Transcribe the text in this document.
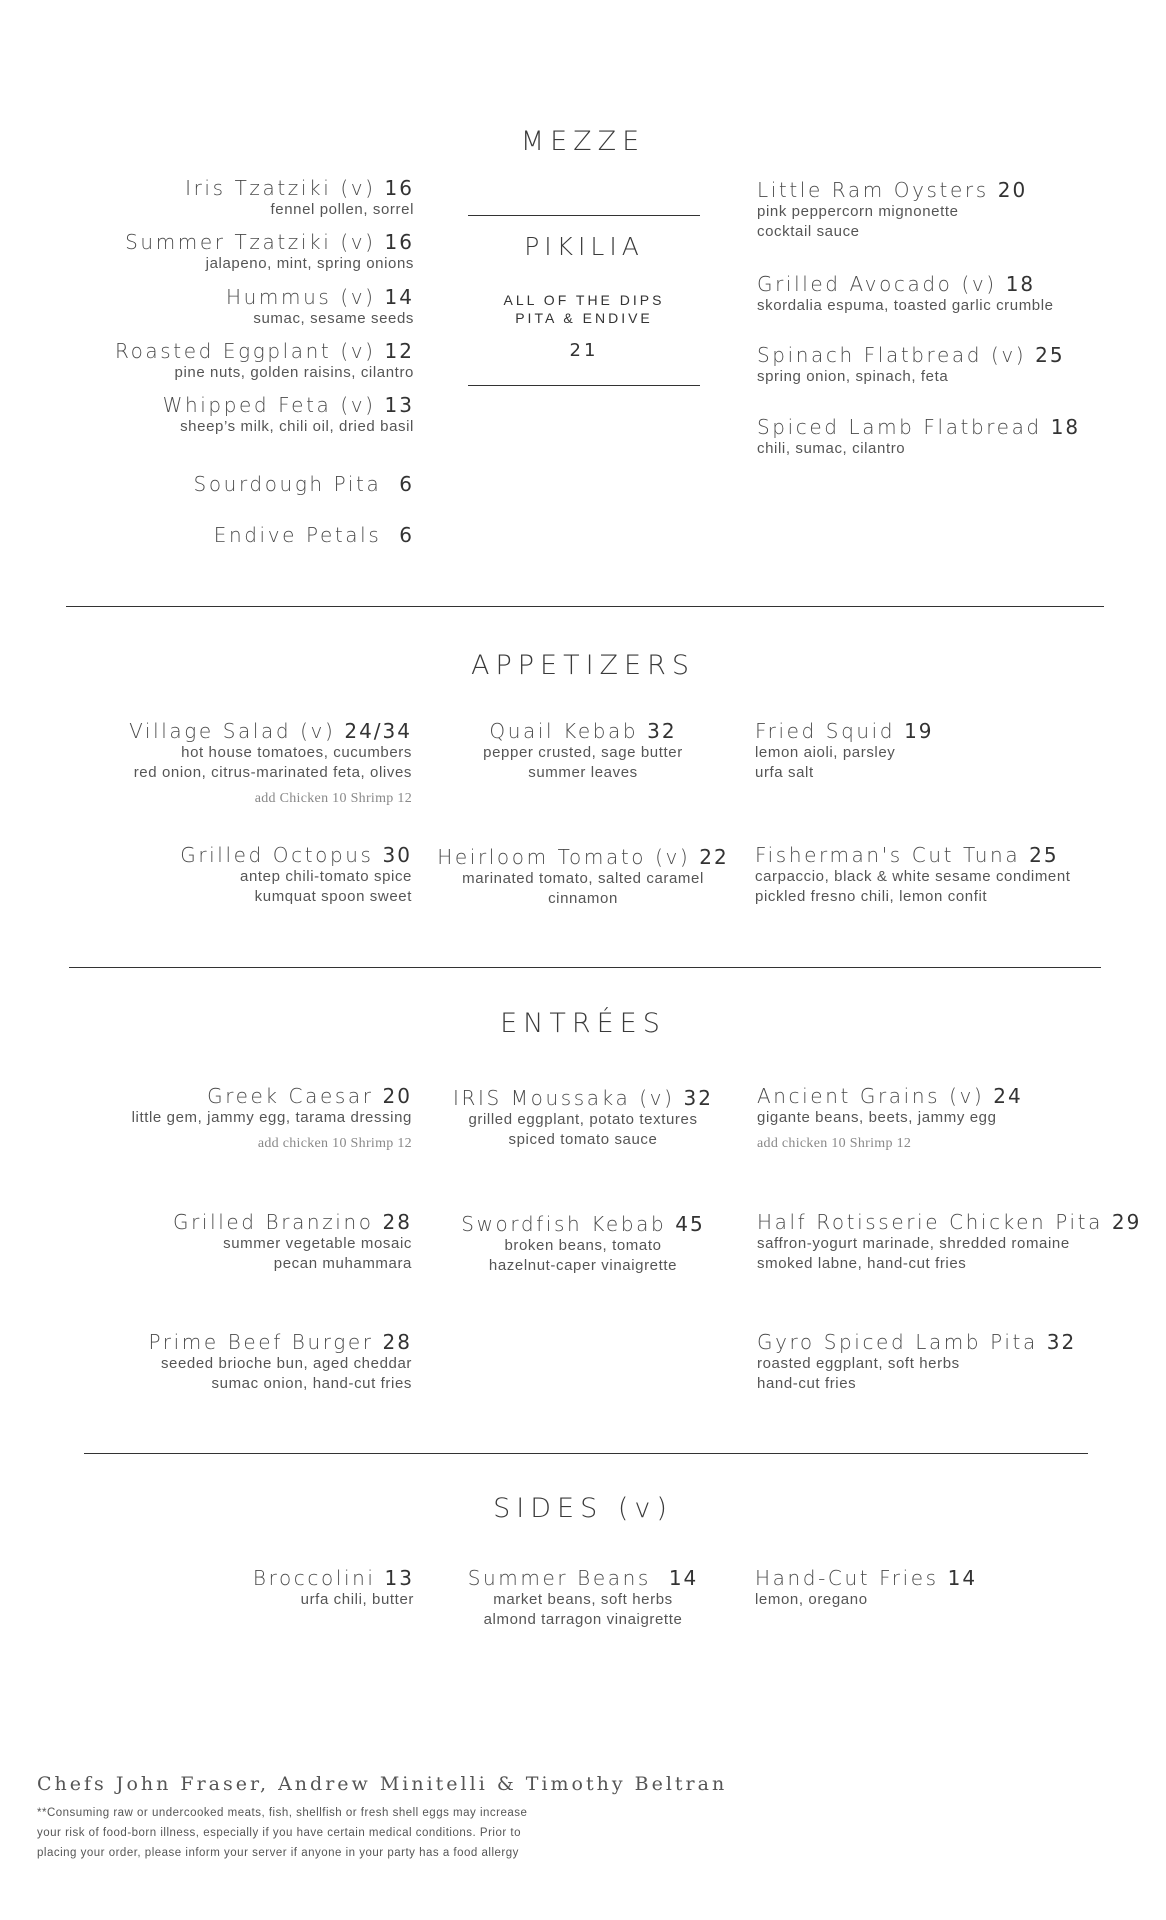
MEZZE
Iris Tzatziki (v) 16
fennel pollen, sorrel
Summer Tzatziki (v) 16
jalapeno, mint, spring onions
Hummus (v) 14
sumac, sesame seeds
Roasted Eggplant (v) 12
pine nuts, golden raisins, cilantro
Whipped Feta (v) 13
sheep’s milk, chili oil, dried basil
Sourdough Pita 6
Endive Petals 6
PIKILIA
ALL OF THE DIPS
PITA & ENDIVE
21
Little Ram Oysters 20
pink peppercorn mignonette
cocktail sauce
Grilled Avocado (v) 18
skordalia espuma, toasted garlic crumble
Spinach Flatbread (v) 25
spring onion, spinach, feta
Spiced Lamb Flatbread 18
chili, sumac, cilantro
APPETIZERS
Village Salad (v) 24/34
hot house tomatoes, cucumbers
red onion, citrus-marinated feta, olives
add Chicken 10 Shrimp 12
Quail Kebab 32
pepper crusted, sage butter
summer leaves
Fried Squid 19
lemon aioli, parsley
urfa salt
Grilled Octopus 30
antep chili-tomato spice
kumquat spoon sweet
Heirloom Tomato (v) 22
marinated tomato, salted caramel
cinnamon
Fisherman's Cut Tuna 25
carpaccio, black & white sesame condiment
pickled fresno chili, lemon confit
ENTRÉES
Greek Caesar 20
little gem, jammy egg, tarama dressing
add chicken 10 Shrimp 12
IRIS Moussaka (v) 32
grilled eggplant, potato textures
spiced tomato sauce
Ancient Grains (v) 24
gigante beans, beets, jammy egg
add chicken 10 Shrimp 12
Grilled Branzino 28
summer vegetable mosaic
pecan muhammara
Swordfish Kebab 45
broken beans, tomato
hazelnut-caper vinaigrette
Half Rotisserie Chicken Pita 29
saffron-yogurt marinade, shredded romaine
smoked labne, hand-cut fries
Prime Beef Burger 28
seeded brioche bun, aged cheddar
sumac onion, hand-cut fries
Gyro Spiced Lamb Pita 32
roasted eggplant, soft herbs
hand-cut fries
SIDES (v)
Broccolini 13
urfa chili, butter
Summer Beans 14
market beans, soft herbs
almond tarragon vinaigrette
Hand-Cut Fries 14
lemon, oregano
Chefs John Fraser, Andrew Minitelli & Timothy Beltran
**Consuming raw or undercooked meats, fish, shellfish or fresh shell eggs may increase
your risk of food-born illness, especially if you have certain medical conditions. Prior to
placing your order, please inform your server if anyone in your party has a food allergy
